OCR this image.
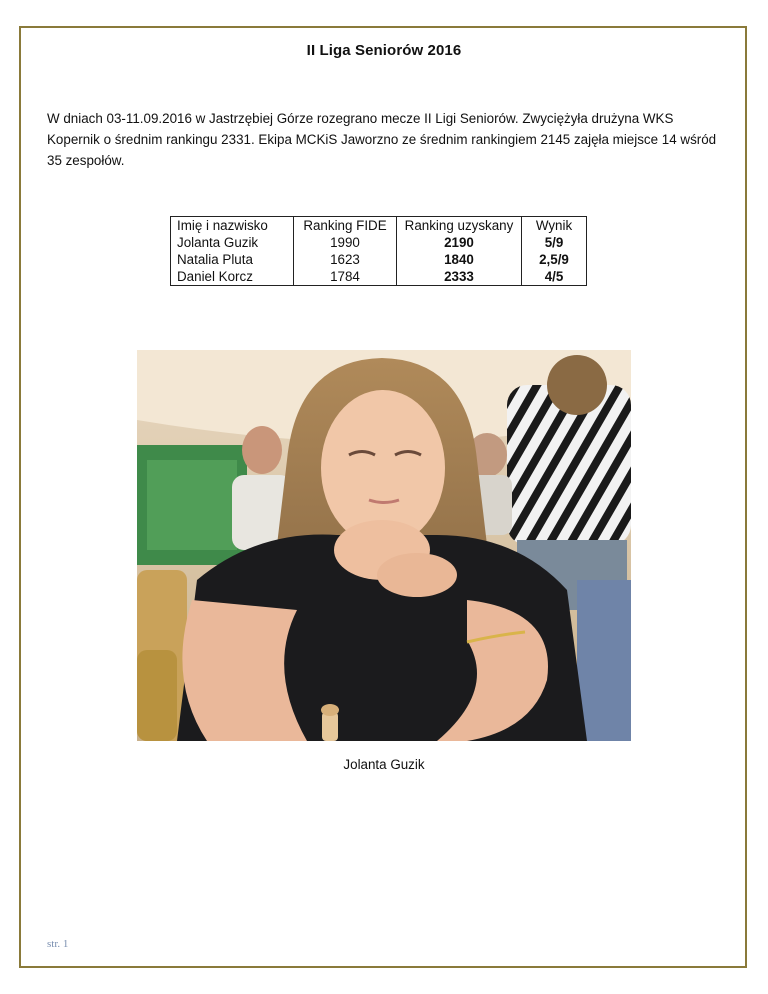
II Liga Seniorów 2016
W dniach 03-11.09.2016 w Jastrzębiej Górze rozegrano mecze II Ligi Seniorów. Zwyciężyła drużyna WKS Kopernik o średnim rankingu 2331. Ekipa MCKiS Jaworzno ze średnim rankingiem 2145 zajęła miejsce 14 wśród 35 zespołów.
Imię i nazwisko	Ranking FIDE	Ranking uzyskany	Wynik
Jolanta Guzik	1990	2190	5/9
Natalia Pluta	1623	1840	2,5/9
Daniel Korcz	1784	2333	4/5
Jolanta Guzik
str. 1
